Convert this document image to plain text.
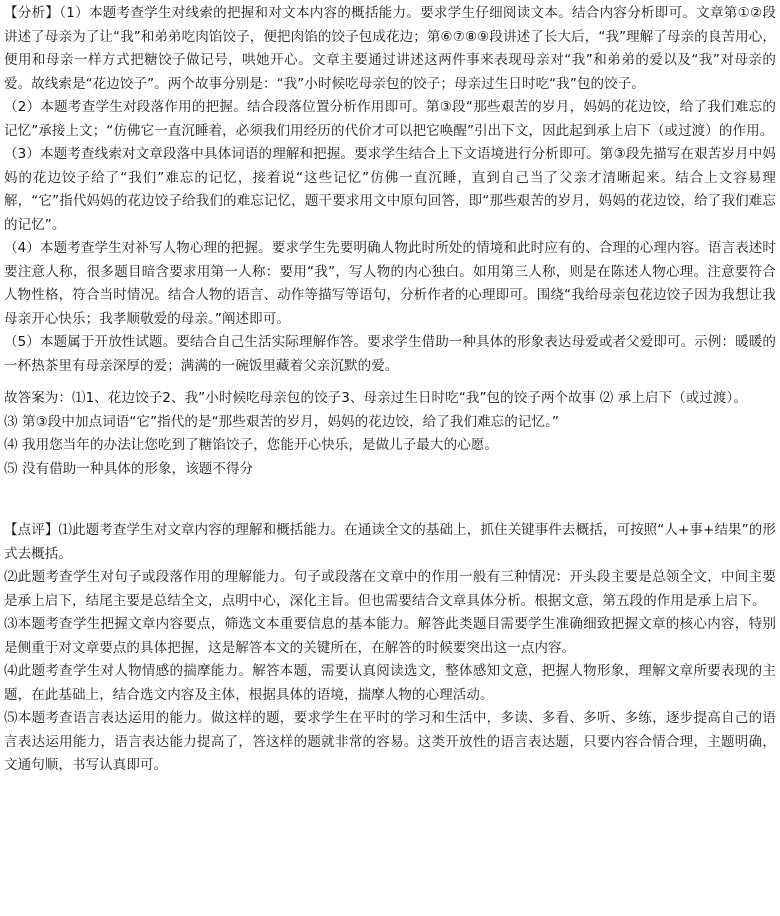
【分析】（1）本题考查学生对线索的把握和对文本内容的概括能力。要求学生仔细阅读文本。结合内容分析即可。文章第①②段讲述了母亲为了让“我”和弟弟吃肉馅饺子，便把肉馅的饺子包成花边；第⑥⑦⑧⑨段讲述了长大后，“我”理解了母亲的良苦用心，便用和母亲一样方式把糖饺子做记号，哄她开心。文章主要通过讲述这两件事来表现母亲对“我”和弟弟的爱以及“我”对母亲的爱。故线索是“花边饺子”。两个故事分别是：“我”小时候吃母亲包的饺子；母亲过生日时吃“我”包的饺子。

（2）本题考查学生对段落作用的把握。结合段落位置分析作用即可。第③段“那些艰苦的岁月，妈妈的花边饺，给了我们难忘的记忆”承接上文；“仿佛它一直沉睡着，必须我们用经历的代价才可以把它唤醒”引出下文，因此起到承上启下（或过渡）的作用。

（3）本题考查线索对文章段落中具体词语的理解和把握。要求学生结合上下文语境进行分析即可。第③段先描写在艰苦岁月中妈妈的花边饺子给了“我们”难忘的记忆，接着说“这些记忆”仿佛一直沉睡，直到自己当了父亲才清晰起来。结合上文容易理解，“它”指代妈妈的花边饺子给我们的难忘记忆，题干要求用文中原句回答，即“那些艰苦的岁月，妈妈的花边饺，给了我们难忘的记忆”。

（4）本题考查学生对补写人物心理的把握。要求学生先要明确人物此时所处的情境和此时应有的、合理的心理内容。语言表述时要注意人称，很多题目暗含要求用第一人称：要用“我”，写人物的内心独白。如用第三人称，则是在陈述人物心理。注意要符合人物性格，符合当时情况。结合人物的语言、动作等描写等语句，分析作者的心理即可。围绕“我给母亲包花边饺子因为我想让我母亲开心快乐；我孝顺敬爱的母亲。”阐述即可。

（5）本题属于开放性试题。要结合自己生活实际理解作答。要求学生借助一种具体的形象表达母爱或者父爱即可。示例：暖暖的一杯热茶里有母亲深厚的爱；满满的一碗饭里藏着父亲沉默的爱。

故答案为：⑴1、花边饺子2、我”小时候吃母亲包的饺子3、母亲过生日时吃“我”包的饺子两个故事 ⑵ 承上启下（或过渡）。

⑶ 第③段中加点词语“它”指代的是“那些艰苦的岁月，妈妈的花边饺，给了我们难忘的记忆。”

⑷ 我用您当年的办法让您吃到了糖馅饺子，您能开心快乐，是做儿子最大的心愿。

⑸ 没有借助一种具体的形象，该题不得分

【点评】⑴此题考查学生对文章内容的理解和概括能力。在通读全文的基础上，抓住关键事件去概括，可按照“人+事+结果”的形式去概括。

⑵此题考查学生对句子或段落作用的理解能力。句子或段落在文章中的作用一般有三种情况：开头段主要是总领全文，中间主要是承上启下，结尾主要是总结全文，点明中心，深化主旨。但也需要结合文章具体分析。根据文意，第五段的作用是承上启下。

⑶本题考查学生把握文章内容要点，筛选文本重要信息的基本能力。解答此类题目需要学生准确细致把握文章的核心内容，特别是侧重于对文章要点的具体把握，这是解答本文的关键所在，在解答的时候要突出这一点内容。

⑷此题考查学生对人物情感的揣摩能力。解答本题，需要认真阅读选文，整体感知文意，把握人物形象，理解文章所要表现的主题，在此基础上，结合选文内容及主体，根据具体的语境，揣摩人物的心理活动。

⑸本题考查语言表达运用的能力。做这样的题，要求学生在平时的学习和生活中，多读、多看、多听、多练，逐步提高自己的语言表达运用能力，语言表达能力提高了，答这样的题就非常的容易。这类开放性的语言表达题，只要内容合情合理，主题明确，文通句顺，书写认真即可。
